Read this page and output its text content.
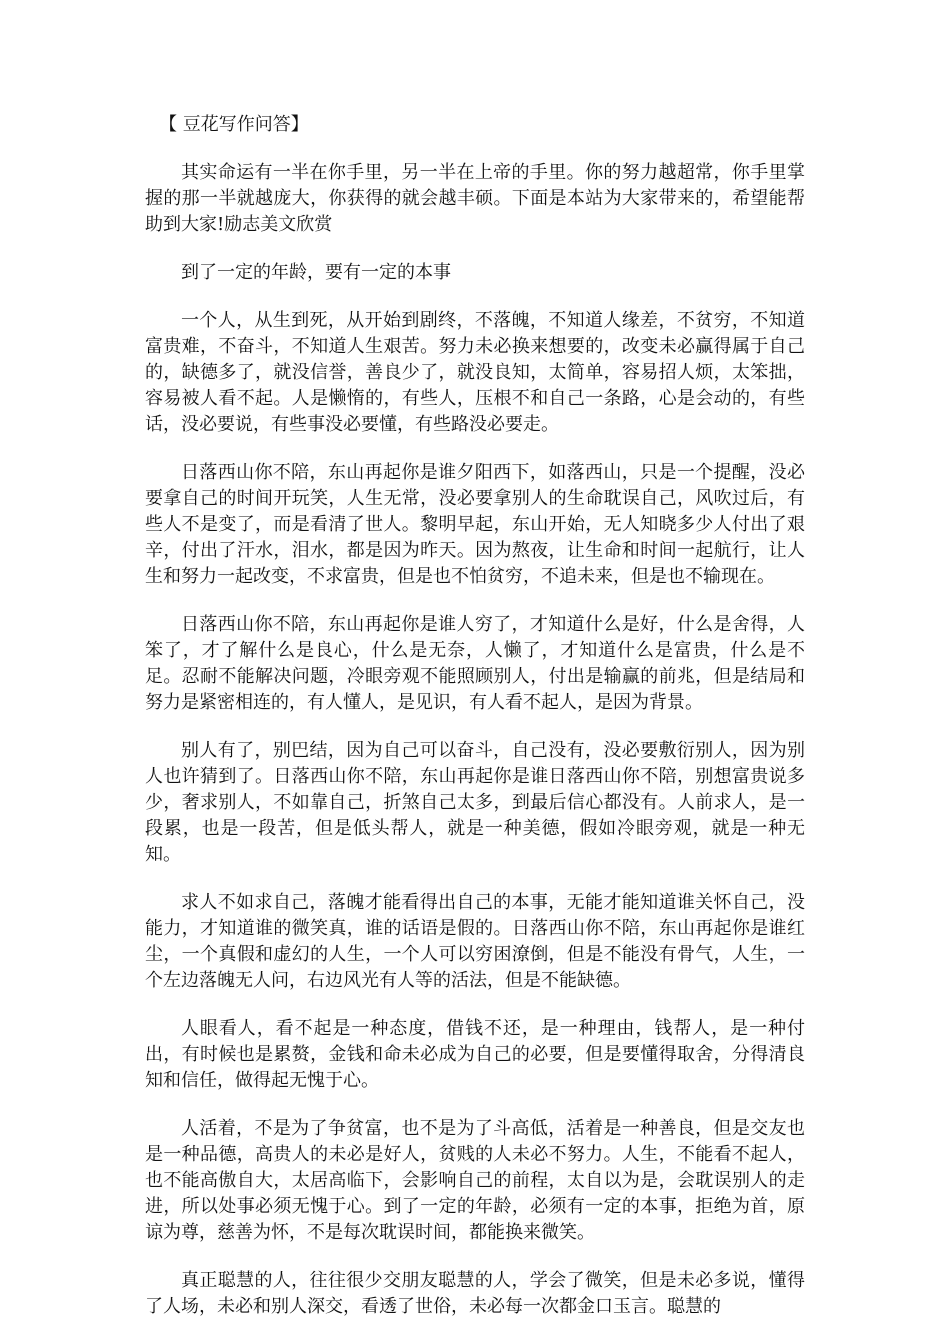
【 豆花写作问答】

其实命运有一半在你手里，另一半在上帝的手里。你的努力越超常，你手里掌握的那一半就越庞大，你获得的就会越丰硕。下面是本站为大家带来的，希望能帮助到大家!励志美文欣赏

到了一定的年龄，要有一定的本事

一个人，从生到死，从开始到剧终，不落魄，不知道人缘差，不贫穷，不知道富贵难，不奋斗，不知道人生艰苦。努力未必换来想要的，改变未必赢得属于自己的，缺德多了，就没信誉，善良少了，就没良知，太简单，容易招人烦，太笨拙，容易被人看不起。人是懒惰的，有些人，压根不和自己一条路，心是会动的，有些话，没必要说，有些事没必要懂，有些路没必要走。

日落西山你不陪，东山再起你是谁夕阳西下，如落西山，只是一个提醒，没必要拿自己的时间开玩笑，人生无常，没必要拿别人的生命耽误自己，风吹过后，有些人不是变了，而是看清了世人。黎明早起，东山开始，无人知晓多少人付出了艰辛，付出了汗水，泪水，都是因为昨天。因为熬夜，让生命和时间一起航行，让人生和努力一起改变，不求富贵，但是也不怕贫穷，不追未来，但是也不输现在。

日落西山你不陪，东山再起你是谁人穷了，才知道什么是好，什么是舍得，人笨了，才了解什么是良心，什么是无奈，人懒了，才知道什么是富贵，什么是不足。忍耐不能解决问题，冷眼旁观不能照顾别人，付出是输赢的前兆，但是结局和努力是紧密相连的，有人懂人，是见识，有人看不起人，是因为背景。

别人有了，别巴结，因为自己可以奋斗，自己没有，没必要敷衍别人，因为别人也许猜到了。日落西山你不陪，东山再起你是谁日落西山你不陪，别想富贵说多少，奢求别人，不如靠自己，折煞自己太多，到最后信心都没有。人前求人，是一段累，也是一段苦，但是低头帮人，就是一种美德，假如冷眼旁观，就是一种无知。

求人不如求自己，落魄才能看得出自己的本事，无能才能知道谁关怀自己，没能力，才知道谁的微笑真，谁的话语是假的。日落西山你不陪，东山再起你是谁红尘，一个真假和虚幻的人生，一个人可以穷困潦倒，但是不能没有骨气，人生，一个左边落魄无人问，右边风光有人等的活法，但是不能缺德。

人眼看人，看不起是一种态度，借钱不还，是一种理由，钱帮人，是一种付出，有时候也是累赘，金钱和命未必成为自己的必要，但是要懂得取舍，分得清良知和信任，做得起无愧于心。

人活着，不是为了争贫富，也不是为了斗高低，活着是一种善良，但是交友也是一种品德，高贵人的未必是好人，贫贱的人未必不努力。人生，不能看不起人，也不能高傲自大，太居高临下，会影响自己的前程，太自以为是，会耽误别人的走进，所以处事必须无愧于心。到了一定的年龄，必须有一定的本事，拒绝为首，原谅为尊，慈善为怀，不是每次耽误时间，都能换来微笑。

真正聪慧的人，往往很少交朋友聪慧的人，学会了微笑，但是未必多说，懂得了人场，未必和别人深交，看透了世俗，未必每一次都金口玉言。聪慧的
